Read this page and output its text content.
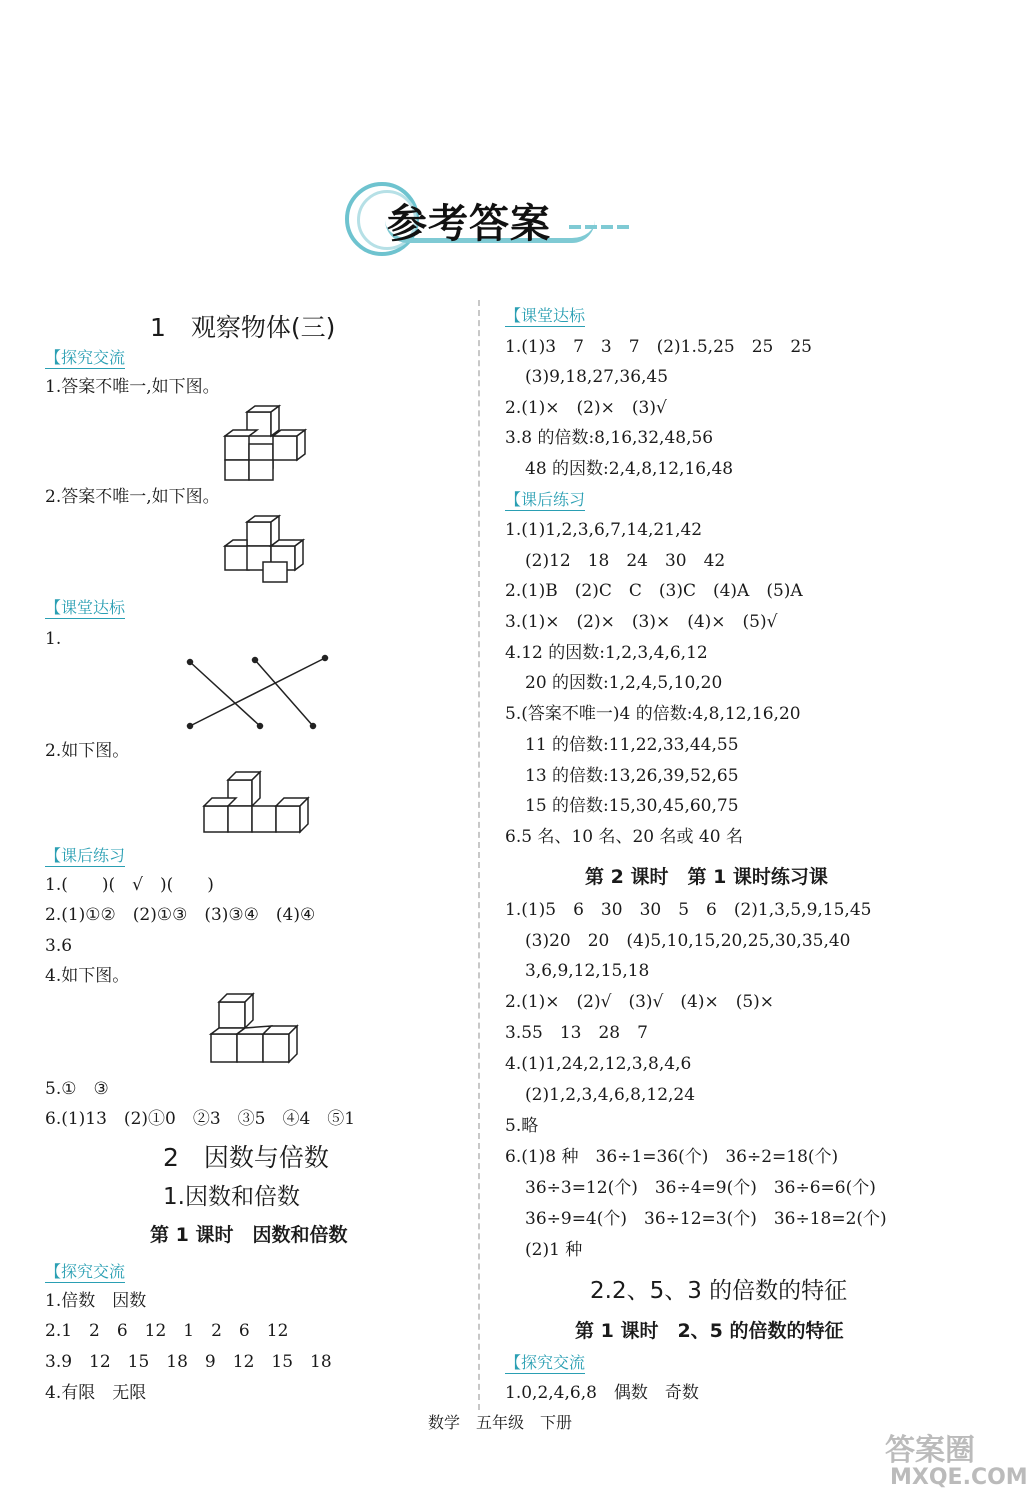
参考答案
1　观察物体(三)
【探究交流
1.答案不唯一,如下图。
2.答案不唯一,如下图。
【课堂达标
1.
2.如下图。
【课后练习
1.(　　)(　√　)(　　)
2.(1)①②　(2)①③　(3)③④　(4)④
3.6
4.如下图。
5.①　③
6.(1)13　(2)①0　②3　③5　④4　⑤1
2　因数与倍数
1.因数和倍数
第 1 课时　因数和倍数
【探究交流
1.倍数　因数
2.1　2　6　12　1　2　6　12
3.9　12　15　18　9　12　15　18
4.有限　无限
【课堂达标
1.(1)3　7　3　7　(2)1.5,25　25　25
(3)9,18,27,36,45
2.(1)×　(2)×　(3)√
3.8 的倍数:8,16,32,48,56
48 的因数:2,4,8,12,16,48
【课后练习
1.(1)1,2,3,6,7,14,21,42
(2)12　18　24　30　42
2.(1)B　(2)C　C　(3)C　(4)A　(5)A
3.(1)×　(2)×　(3)×　(4)×　(5)√
4.12 的因数:1,2,3,4,6,12
20 的因数:1,2,4,5,10,20
5.(答案不唯一)4 的倍数:4,8,12,16,20
11 的倍数:11,22,33,44,55
13 的倍数:13,26,39,52,65
15 的倍数:15,30,45,60,75
6.5 名、10 名、20 名或 40 名
第 2 课时　第 1 课时练习课
1.(1)5　6　30　30　5　6　(2)1,3,5,9,15,45
(3)20　20　(4)5,10,15,20,25,30,35,40
3,6,9,12,15,18
2.(1)×　(2)√　(3)√　(4)×　(5)×
3.55　13　28　7
4.(1)1,24,2,12,3,8,4,6
(2)1,2,3,4,6,8,12,24
5.略
6.(1)8 种　36÷1=36(个)　36÷2=18(个)
36÷3=12(个)　36÷4=9(个)　36÷6=6(个)
36÷9=4(个)　36÷12=3(个)　36÷18=2(个)
(2)1 种
2.2、5、3 的倍数的特征
第 1 课时　2、5 的倍数的特征
【探究交流
1.0,2,4,6,8　偶数　奇数
数学　五年级　下册
答案圈
MXQE.COM
